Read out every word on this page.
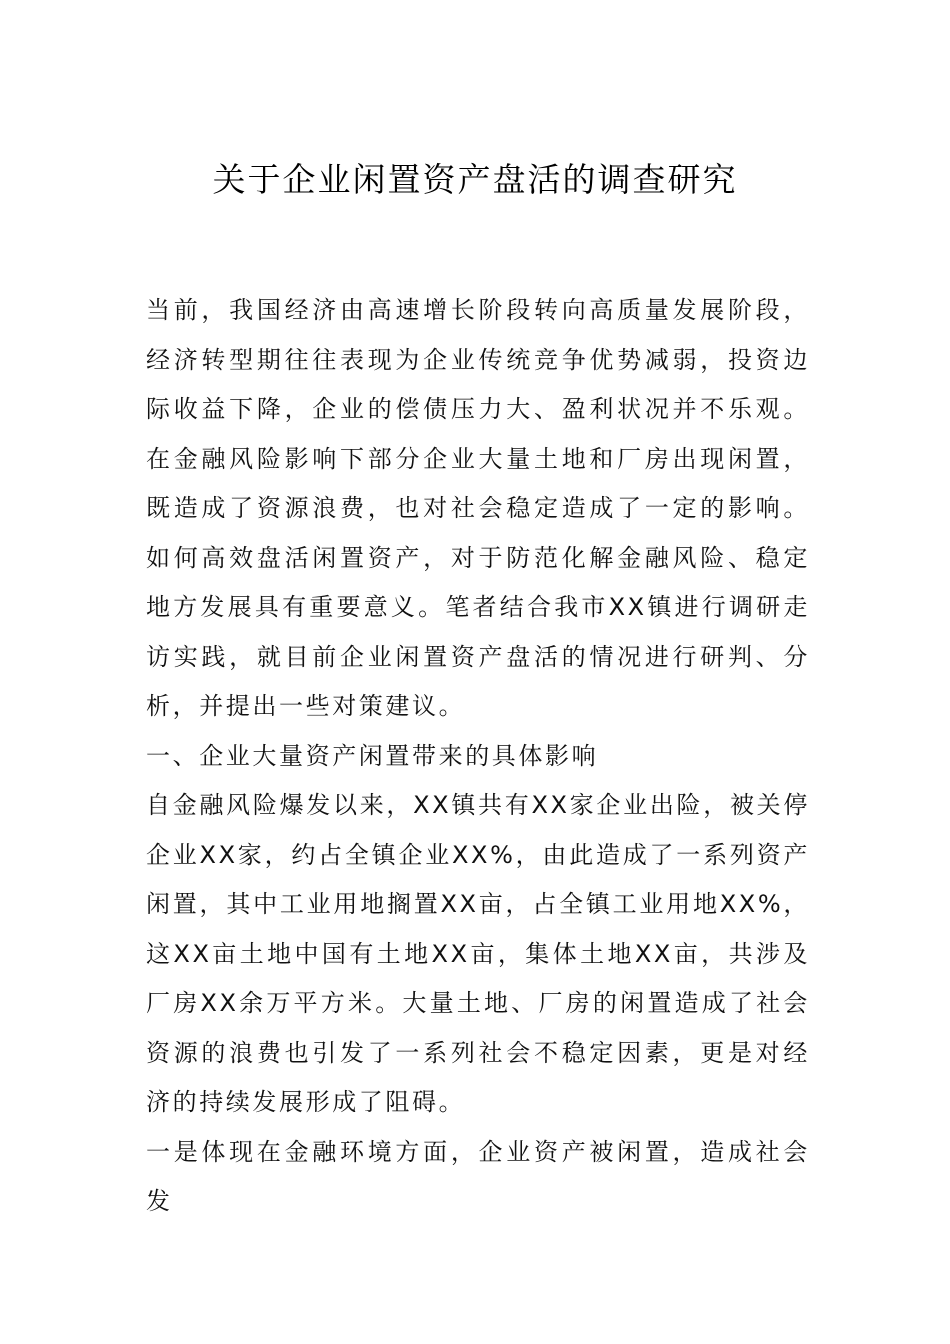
关于企业闲置资产盘活的调查研究

当前，我国经济由高速增长阶段转向高质量发展阶段，经济转型期往往表现为企业传统竞争优势减弱，投资边际收益下降，企业的偿债压力大、盈利状况并不乐观。在金融风险影响下部分企业大量土地和厂房出现闲置，既造成了资源浪费，也对社会稳定造成了一定的影响。如何高效盘活闲置资产，对于防范化解金融风险、稳定地方发展具有重要意义。笔者结合我市XX镇进行调研走访实践，就目前企业闲置资产盘活的情况进行研判、分析，并提出一些对策建议。

一、企业大量资产闲置带来的具体影响

自金融风险爆发以来，XX镇共有XX家企业出险，被关停企业XX家，约占全镇企业XX%，由此造成了一系列资产闲置，其中工业用地搁置XX亩，占全镇工业用地XX%，这XX亩土地中国有土地XX亩，集体土地XX亩，共涉及厂房XX余万平方米。大量土地、厂房的闲置造成了社会资源的浪费也引发了一系列社会不稳定因素，更是对经济的持续发展形成了阻碍。

一是体现在金融环境方面，企业资产被闲置，造成社会发
